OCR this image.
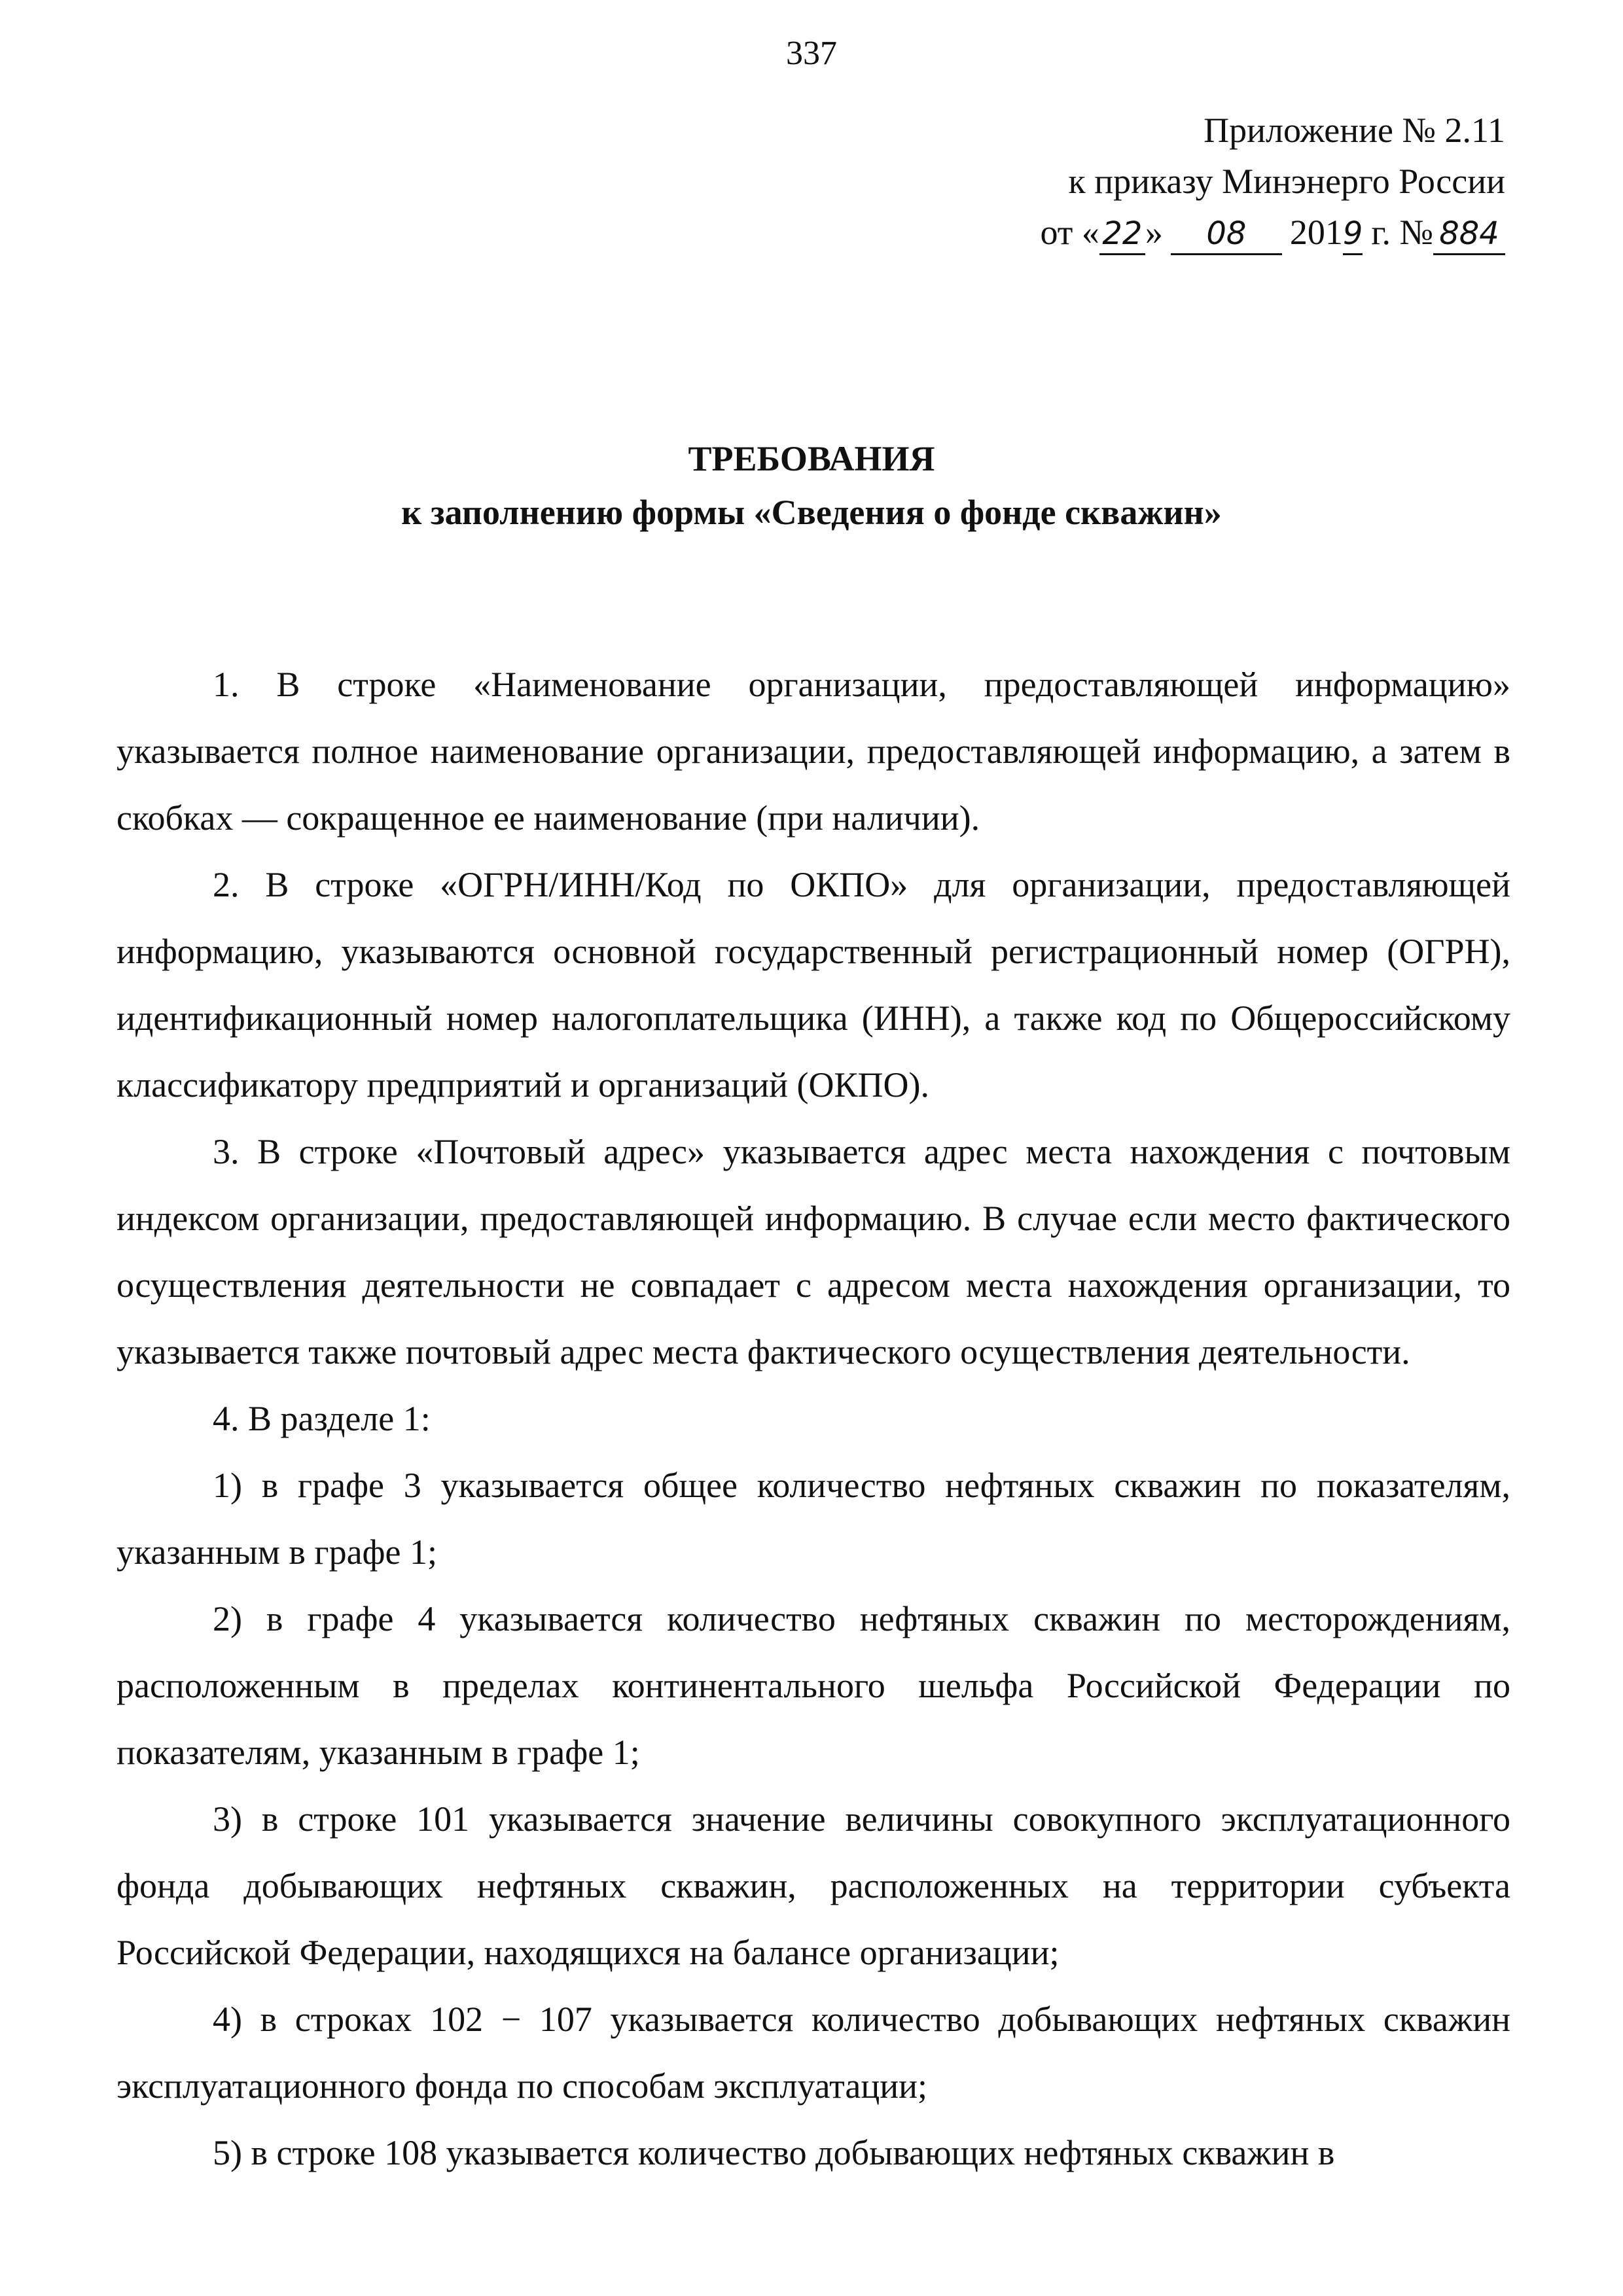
337
Приложение № 2.11
к приказу Минэнерго России
от «22» 08 2019 г. № 884
ТРЕБОВАНИЯ
к заполнению формы «Сведения о фонде скважин»

1. В строке «Наименование организации, предоставляющей информацию» указывается полное наименование организации, предоставляющей информацию, а затем в скобках — сокращенное ее наименование (при наличии).

2. В строке «ОГРН/ИНН/Код по ОКПО» для организации, предоставляющей информацию, указываются основной государственный регистрационный номер (ОГРН), идентификационный номер налогоплательщика (ИНН), а также код по Общероссийскому классификатору предприятий и организаций (ОКПО).

3. В строке «Почтовый адрес» указывается адрес места нахождения с почтовым индексом организации, предоставляющей информацию. В случае если место фактического осуществления деятельности не совпадает с адресом места нахождения организации, то указывается также почтовый адрес места фактического осуществления деятельности.

4. В разделе 1:

1) в графе 3 указывается общее количество нефтяных скважин по показателям, указанным в графе 1;

2) в графе 4 указывается количество нефтяных скважин по месторождениям, расположенным в пределах континентального шельфа Российской Федерации по показателям, указанным в графе 1;

3) в строке 101 указывается значение величины совокупного эксплуатационного фонда добывающих нефтяных скважин, расположенных на территории субъекта Российской Федерации, находящихся на балансе организации;

4) в строках 102 − 107 указывается количество добывающих нефтяных скважин эксплуатационного фонда по способам эксплуатации;

5) в строке 108 указывается количество добывающих нефтяных скважин в
